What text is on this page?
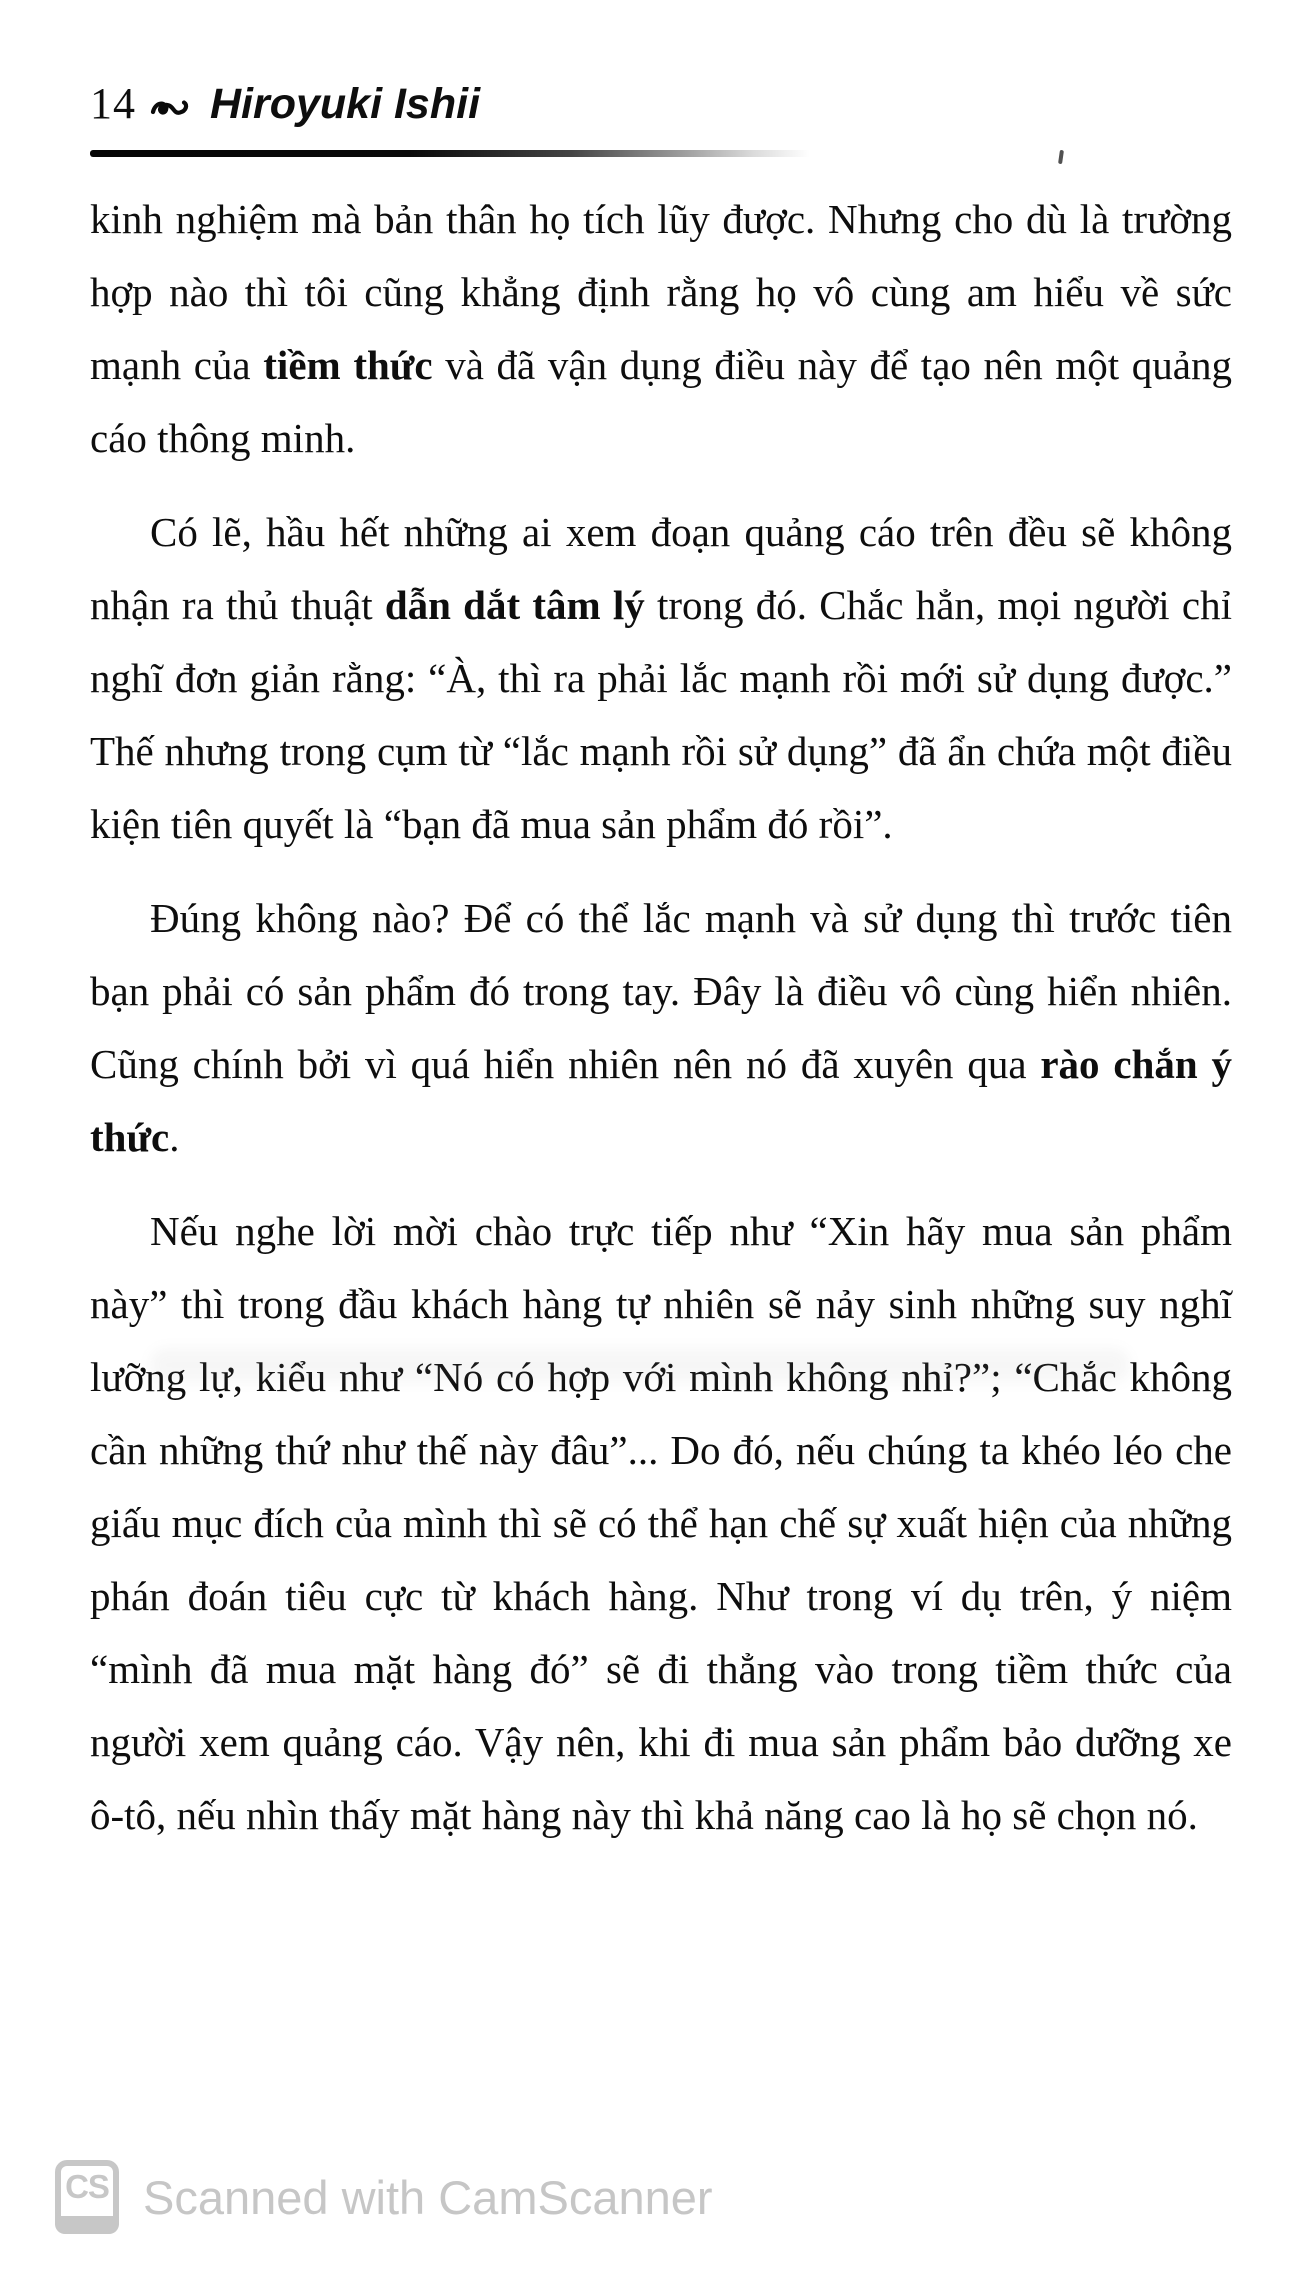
14 Hiroyuki Ishii

kinh nghiệm mà bản thân họ tích lũy được. Nhưng cho dù là trường hợp nào thì tôi cũng khẳng định rằng họ vô cùng am hiểu về sức mạnh của tiềm thức và đã vận dụng điều này để tạo nên một quảng cáo thông minh.

Có lẽ, hầu hết những ai xem đoạn quảng cáo trên đều sẽ không nhận ra thủ thuật dẫn dắt tâm lý trong đó. Chắc hẳn, mọi người chỉ nghĩ đơn giản rằng: “À, thì ra phải lắc mạnh rồi mới sử dụng được.” Thế nhưng trong cụm từ “lắc mạnh rồi sử dụng” đã ẩn chứa một điều kiện tiên quyết là “bạn đã mua sản phẩm đó rồi”.

Đúng không nào? Để có thể lắc mạnh và sử dụng thì trước tiên bạn phải có sản phẩm đó trong tay. Đây là điều vô cùng hiển nhiên. Cũng chính bởi vì quá hiển nhiên nên nó đã xuyên qua rào chắn ý thức.

Nếu nghe lời mời chào trực tiếp như “Xin hãy mua sản phẩm này” thì trong đầu khách hàng tự nhiên sẽ nảy sinh những suy nghĩ lưỡng lự, kiểu như “Nó có hợp với mình không nhỉ?”; “Chắc không cần những thứ như thế này đâu”... Do đó, nếu chúng ta khéo léo che giấu mục đích của mình thì sẽ có thể hạn chế sự xuất hiện của những phán đoán tiêu cực từ khách hàng. Như trong ví dụ trên, ý niệm “mình đã mua mặt hàng đó” sẽ đi thẳng vào trong tiềm thức của người xem quảng cáo. Vậy nên, khi đi mua sản phẩm bảo dưỡng xe ô-tô, nếu nhìn thấy mặt hàng này thì khả năng cao là họ sẽ chọn nó.

CS Scanned with CamScanner
